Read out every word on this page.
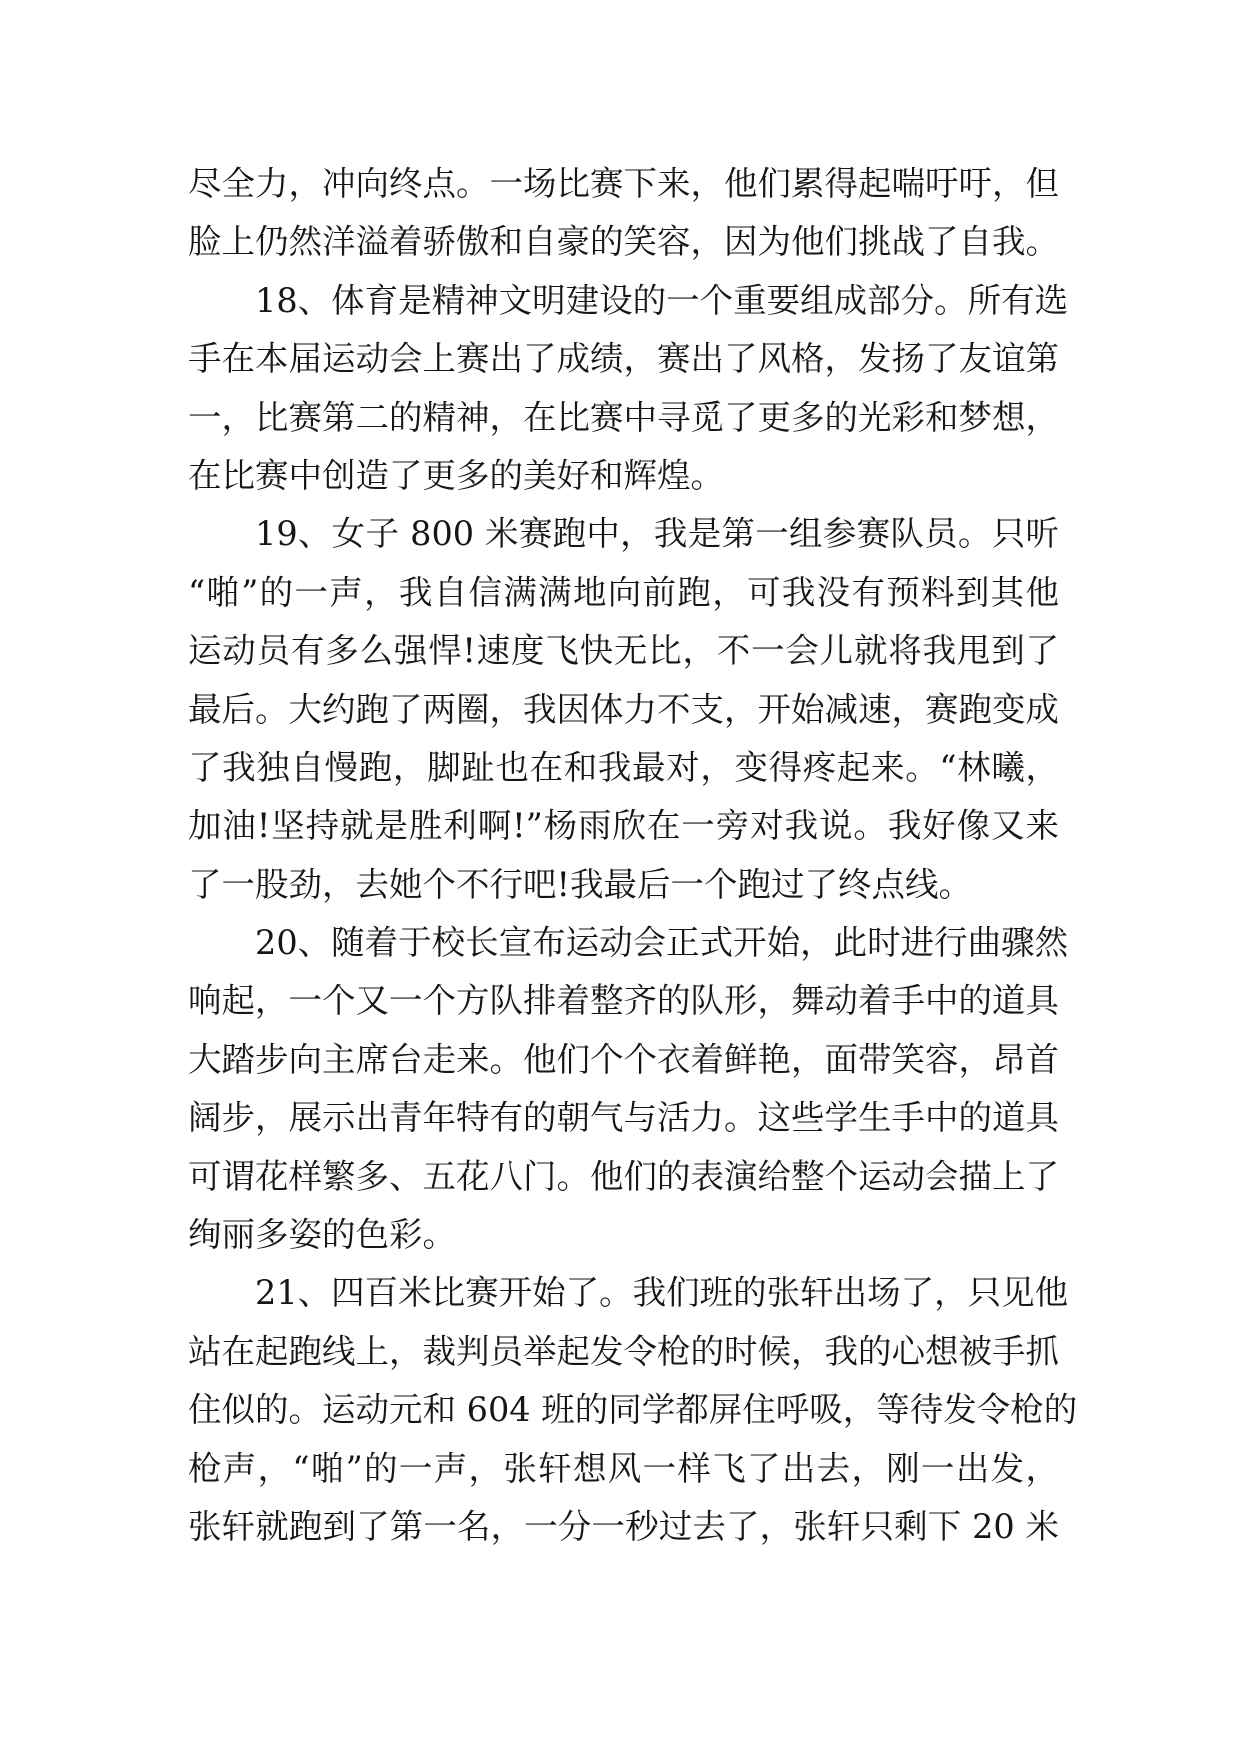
尽全力，冲向终点。一场比赛下来，他们累得起喘吁吁，但
脸上仍然洋溢着骄傲和自豪的笑容，因为他们挑战了自我。

18、体育是精神文明建设的一个重要组成部分。所有选
手在本届运动会上赛出了成绩，赛出了风格，发扬了友谊第
一，比赛第二的精神，在比赛中寻觅了更多的光彩和梦想，
在比赛中创造了更多的美好和辉煌。

19、女子 800 米赛跑中，我是第一组参赛队员。只听
“啪”的一声，我自信满满地向前跑，可我没有预料到其他
运动员有多么强悍!速度飞快无比，不一会儿就将我甩到了
最后。大约跑了两圈，我因体力不支，开始减速，赛跑变成
了我独自慢跑，脚趾也在和我最对，变得疼起来。“林曦，
加油!坚持就是胜利啊!”杨雨欣在一旁对我说。我好像又来
了一股劲，去她个不行吧!我最后一个跑过了终点线。

20、随着于校长宣布运动会正式开始，此时进行曲骤然
响起，一个又一个方队排着整齐的队形，舞动着手中的道具
大踏步向主席台走来。他们个个衣着鲜艳，面带笑容，昂首
阔步，展示出青年特有的朝气与活力。这些学生手中的道具
可谓花样繁多、五花八门。他们的表演给整个运动会描上了
绚丽多姿的色彩。

21、四百米比赛开始了。我们班的张轩出场了，只见他
站在起跑线上，裁判员举起发令枪的时候，我的心想被手抓
住似的。运动元和 604 班的同学都屏住呼吸，等待发令枪的
枪声，“啪”的一声，张轩想风一样飞了出去，刚一出发，
张轩就跑到了第一名，一分一秒过去了，张轩只剩下 20 米
